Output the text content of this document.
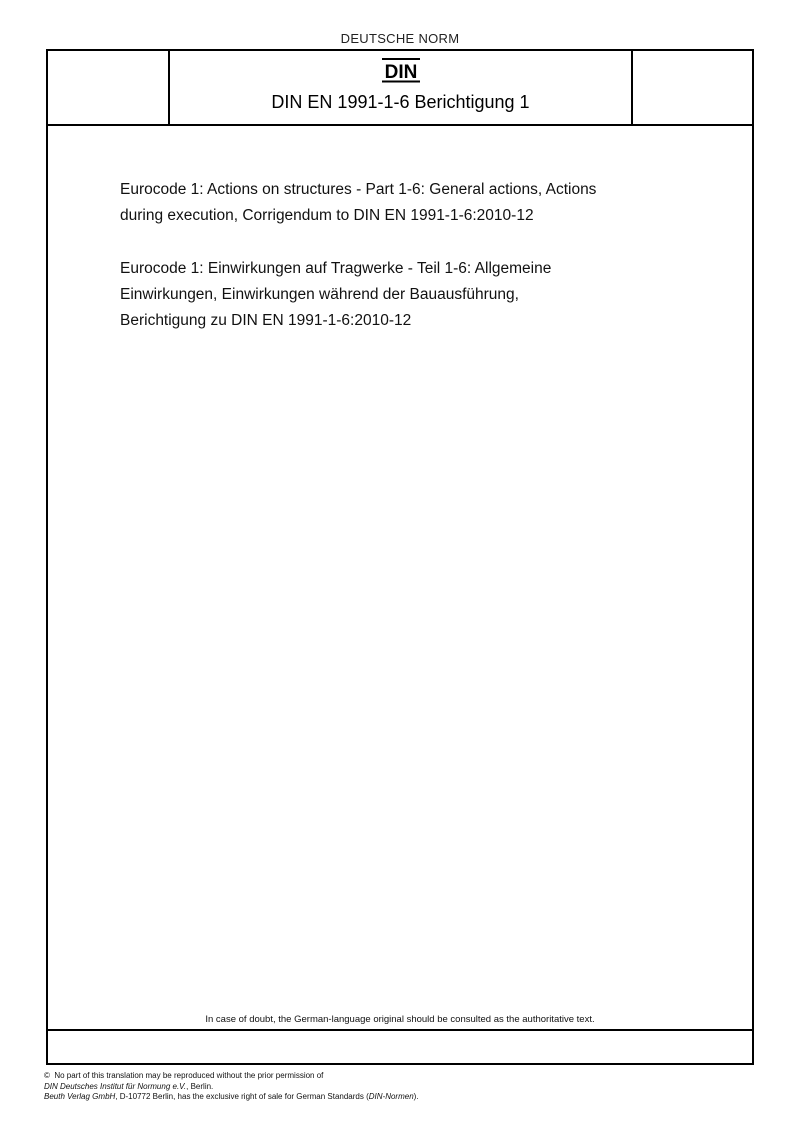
DEUTSCHE NORM
DIN
DIN EN 1991-1-6 Berichtigung 1

Eurocode 1: Actions on structures - Part 1-6: General actions, Actions
during execution, Corrigendum to DIN EN 1991-1-6:2010-12

Eurocode 1: Einwirkungen auf Tragwerke - Teil 1-6: Allgemeine
Einwirkungen, Einwirkungen während der Bauausführung,
Berichtigung zu DIN EN 1991-1-6:2010-12

In case of doubt, the German-language original should be consulted as the authoritative text.
© No part of this translation may be reproduced without the prior permission of
DIN Deutsches Institut für Normung e.V., Berlin.
Beuth Verlag GmbH, D-10772 Berlin, has the exclusive right of sale for German Standards (DIN-Normen).
